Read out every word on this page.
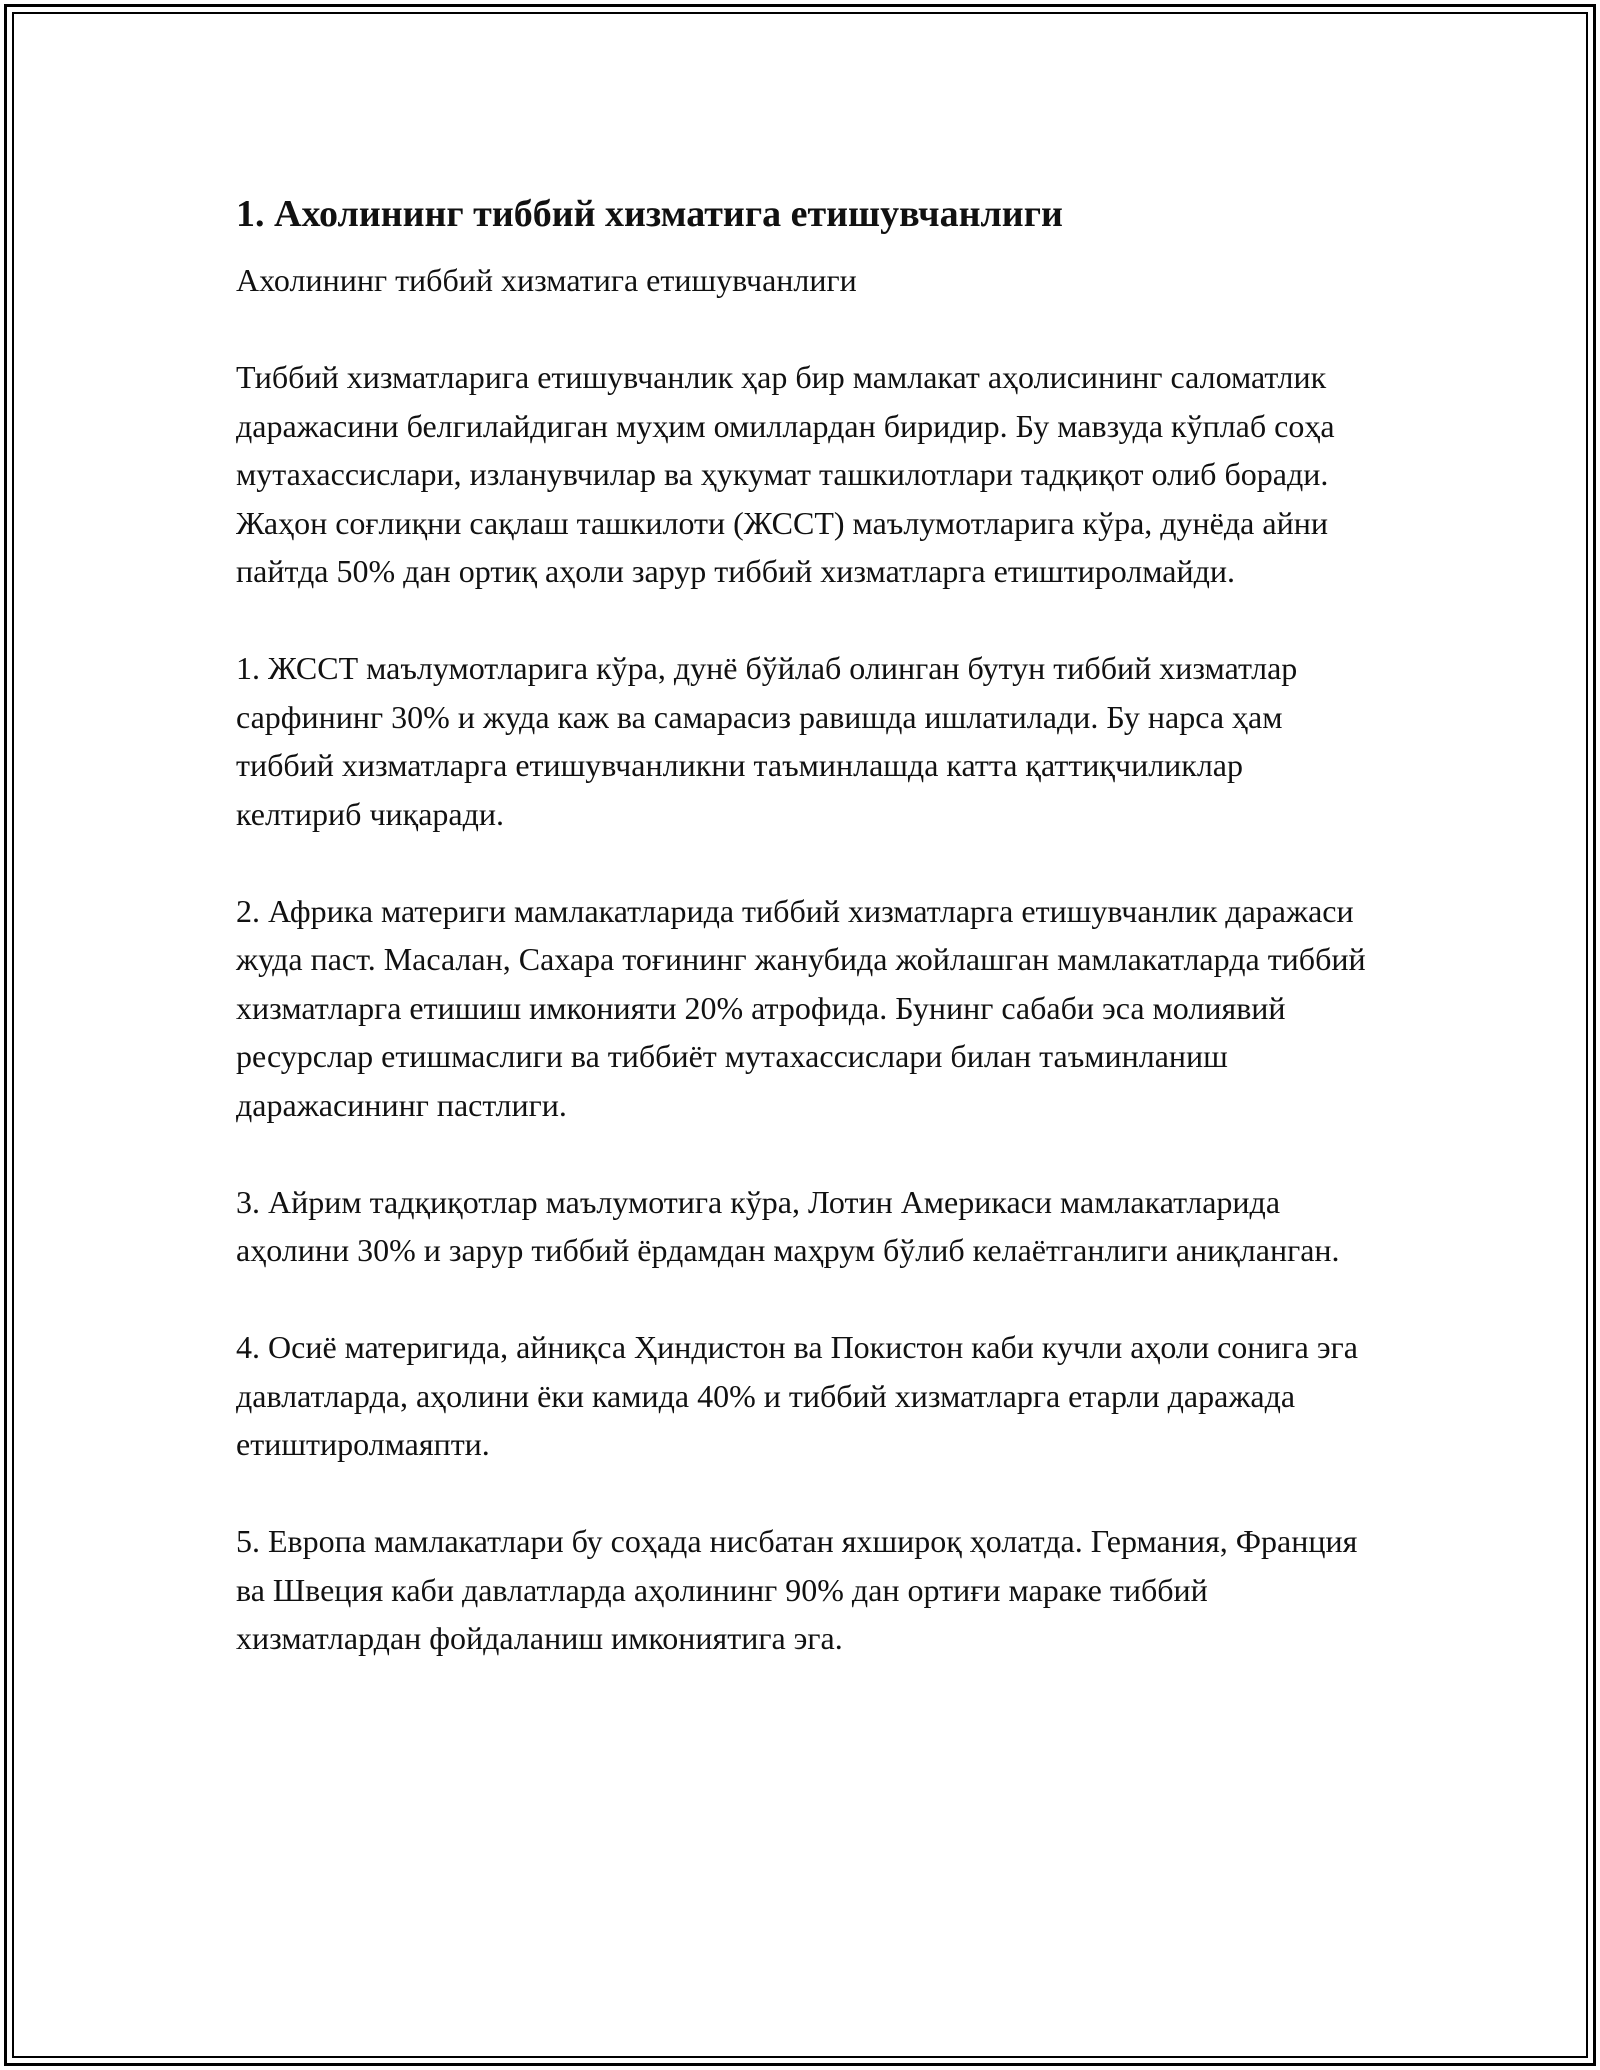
1. Ахолининг тиббий хизматига етишувчанлиги

Ахолининг тиббий хизматига етишувчанлиги

Тиббий хизматларига етишувчанлик ҳар бир мамлакат аҳолисининг саломатлик даражасини белгилайдиган муҳим омиллардан биридир. Бу мавзуда кўплаб соҳа мутахассислари, изланувчилар ва ҳукумат ташкилотлари тадқиқот олиб боради. Жаҳон соғлиқни сақлаш ташкилоти (ЖССТ) маълумотларига кўра, дунёда айни пайтда 50% дан ортиқ аҳоли зарур тиббий хизматларга етиштиролмайди.

1. ЖССТ маълумотларига кўра, дунё бўйлаб олинган бутун тиббий хизматлар сарфининг 30% и жуда каж ва самарасиз равишда ишлатилади. Бу нарса ҳам тиббий хизматларга етишувчанликни таъминлашда катта қаттиқчиликлар келтириб чиқаради.

2. Африка материги мамлакатларида тиббий хизматларга етишувчанлик даражаси жуда паст. Масалан, Сахара тоғининг жанубида жойлашган мамлакатларда тиббий хизматларга етишиш имконияти 20% атрофида. Бунинг сабаби эса молиявий ресурслар етишмаслиги ва тиббиёт мутахассислари билан таъминланиш даражасининг пастлиги.

3. Айрим тадқиқотлар маълумотига кўра, Лотин Америкаси мамлакатларида аҳолини 30% и зарур тиббий ёрдамдан маҳрум бўлиб келаётганлиги аниқланган.

4. Осиё материгида, айниқса Ҳиндистон ва Покистон каби кучли аҳоли сонига эга давлатларда, аҳолини ёки камида 40% и тиббий хизматларга етарли даражада етиштиролмаяпти.

5. Европа мамлакатлари бу соҳада нисбатан яхшироқ ҳолатда. Германия, Франция ва Швеция каби давлатларда аҳолининг 90% дан ортиғи мараке тиббий хизматлардан фойдаланиш имкониятига эга.
